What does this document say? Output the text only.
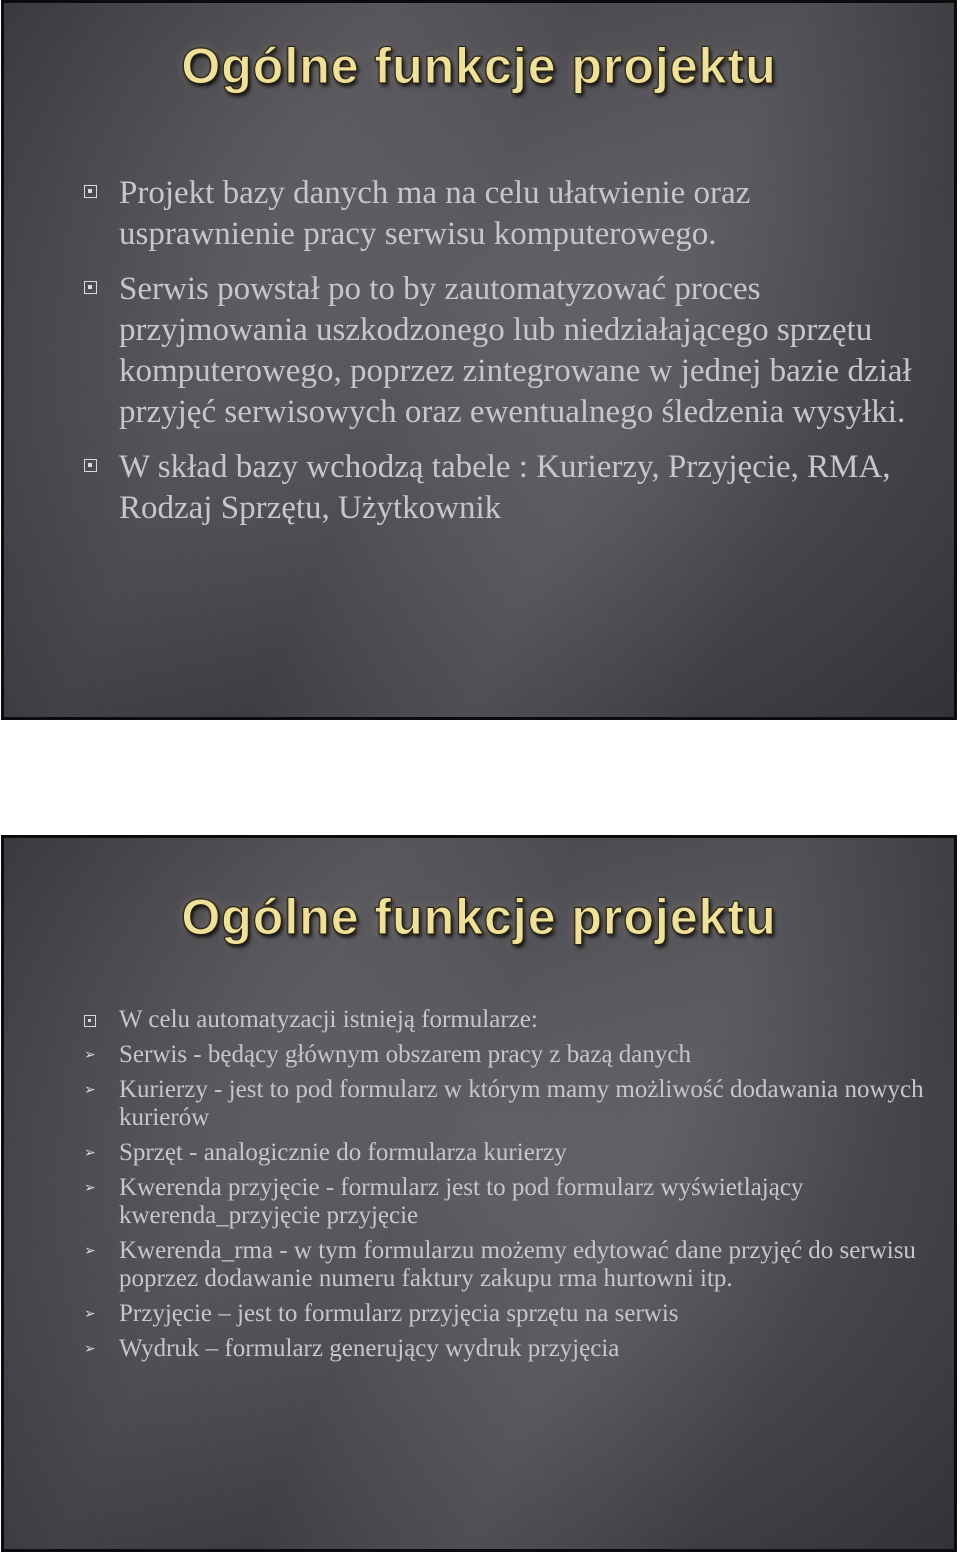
Ogólne funkcje projektu
Projekt bazy danych ma na celu ułatwienie oraz usprawnienie pracy serwisu komputerowego.
Serwis powstał po to by zautomatyzować proces przyjmowania uszkodzonego lub niedziałającego sprzętu komputerowego, poprzez zintegrowane w jednej bazie dział przyjęć serwisowych oraz ewentualnego śledzenia wysyłki.
W skład bazy wchodzą tabele : Kurierzy, Przyjęcie, RMA, Rodzaj Sprzętu, Użytkownik
Ogólne funkcje projektu
W celu automatyzacji istnieją formularze:
➢ Serwis - będący głównym obszarem pracy z bazą danych
➢ Kurierzy - jest to pod formularz w którym mamy możliwość dodawania nowych kurierów
➢ Sprzęt - analogicznie do formularza kurierzy
➢ Kwerenda przyjęcie - formularz jest to pod formularz wyświetlający kwerenda_przyjęcie przyjęcie
➢ Kwerenda_rma - w tym formularzu możemy edytować dane przyjęć do serwisu poprzez dodawanie numeru faktury zakupu rma hurtowni itp.
➢ Przyjęcie – jest to formularz przyjęcia sprzętu na serwis
➢ Wydruk – formularz generujący wydruk przyjęcia
